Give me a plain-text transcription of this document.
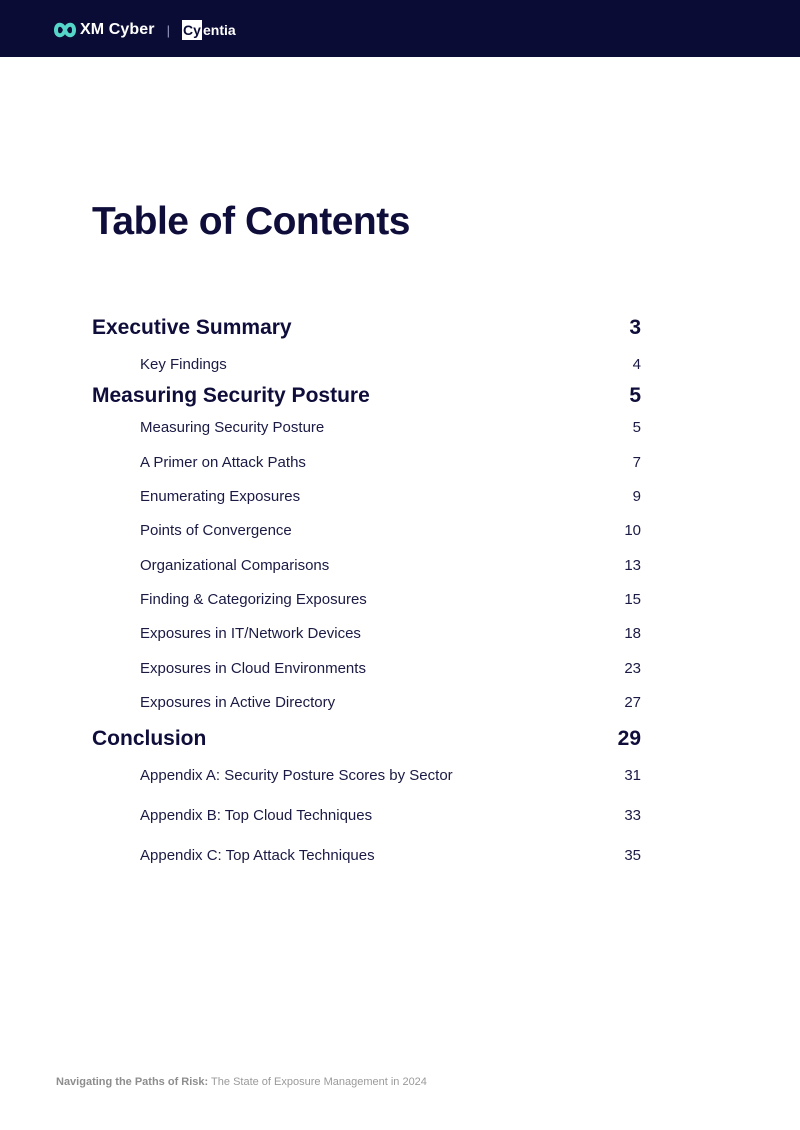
XM Cyber | Cy entia
Table of Contents
Executive Summary	3
Key Findings	4
Measuring Security Posture	5
Measuring Security Posture	5
A Primer on Attack Paths	7
Enumerating Exposures	9
Points of Convergence	10
Organizational Comparisons	13
Finding & Categorizing Exposures	15
Exposures in IT/Network Devices	18
Exposures in Cloud Environments	23
Exposures in Active Directory	27
Conclusion	29
Appendix A: Security Posture Scores by Sector	31
Appendix B: Top Cloud Techniques	33
Appendix C: Top Attack Techniques	35
Navigating the Paths of Risk: The State of Exposure Management in 2024
